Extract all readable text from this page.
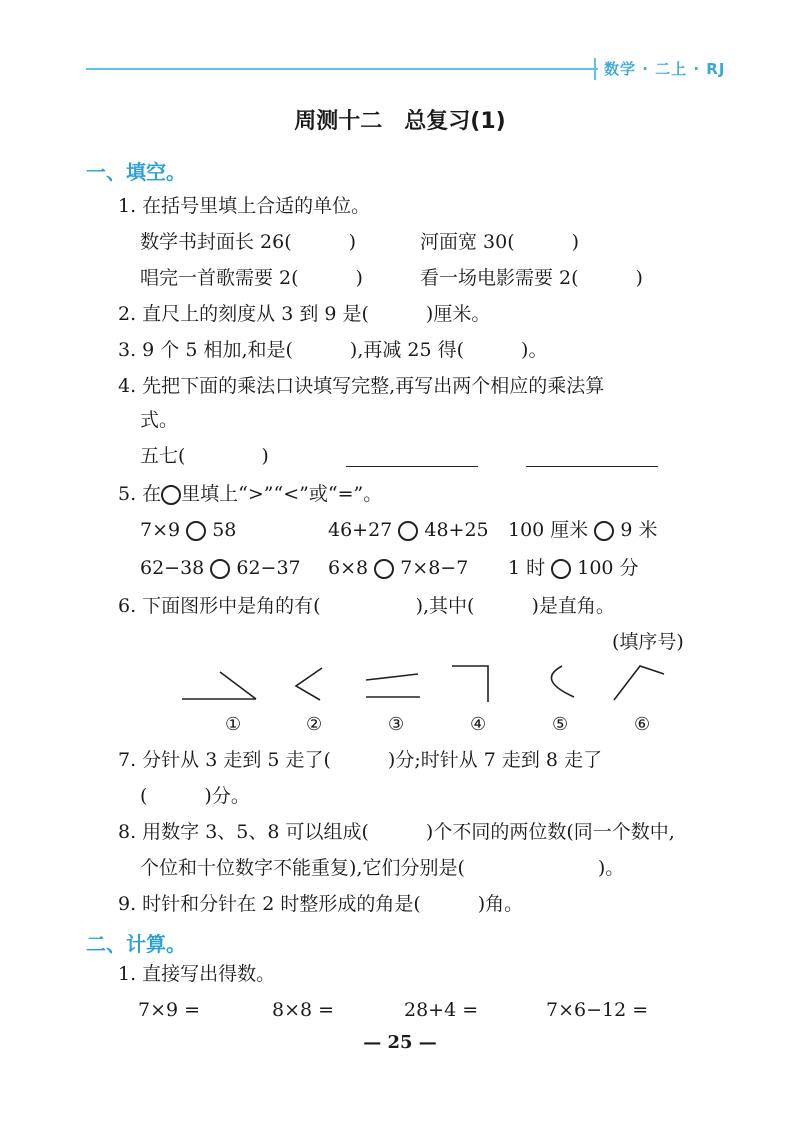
数学 · 二上 · RJ
周测十二　总复习(1)
一、填空。
1. 在括号里填上合适的单位。
数学书封面长 26(　　　)	河面宽 30(　　　)
唱完一首歌需要 2(　　　)	看一场电影需要 2(　　　)
2. 直尺上的刻度从 3 到 9 是(　　　)厘米。
3. 9 个 5 相加,和是(　　　),再减 25 得(　　　)。
4. 先把下面的乘法口诀填写完整,再写出两个相应的乘法算
式。
五七(　　　　)
5. 在 里填上“>”“<”或“=”。
7×9 58	46+27 48+25 100 厘米 9 米
62−38 62−37 6×8 7×8−7 1 时 100 分
6. 下面图形中是角的有(　　　　　),其中(　　　)是直角。
(填序号)
①	②	③	④	⑤	⑥
7. 分针从 3 走到 5 走了(　　　)分;时针从 7 走到 8 走了
(　　　)分。
8. 用数字 3、5、8 可以组成(　　　)个不同的两位数(同一个数中,
个位和十位数字不能重复),它们分别是(　　　　　　　)。
9. 时针和分针在 2 时整形成的角是(　　　)角。
二、计算。
1. 直接写出得数。
7×9 =	8×8 =	28+4 =	7×6−12 =
— 25 —
